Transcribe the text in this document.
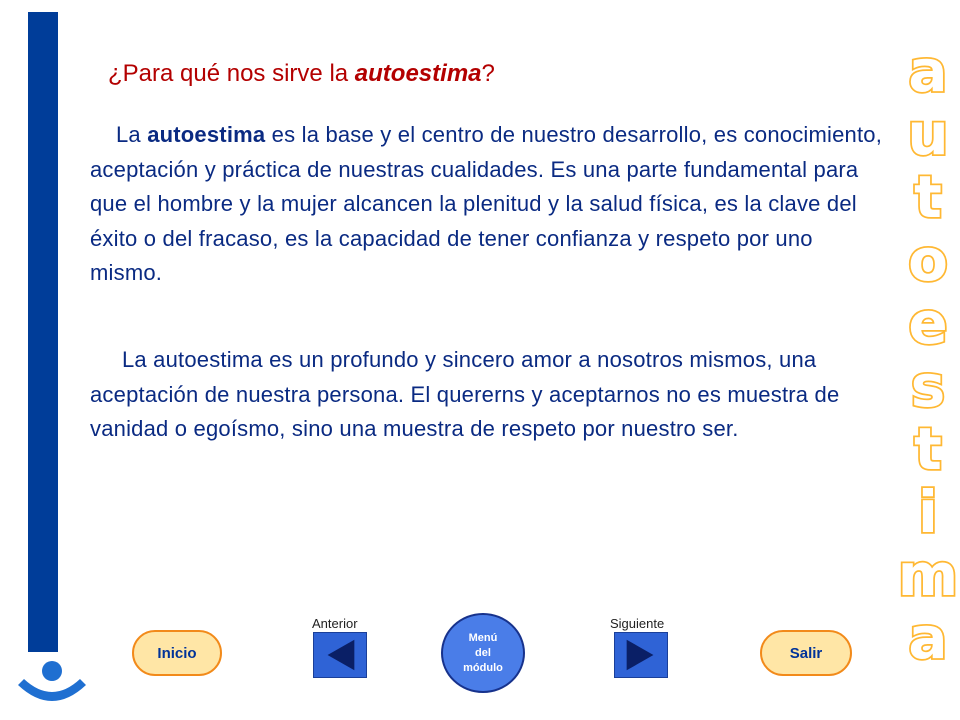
¿Para qué nos sirve la autoestima?
La autoestima es la base y el centro de nuestro desarrollo, es conocimiento, aceptación y práctica de nuestras cualidades. Es una parte fundamental para que el hombre y la mujer alcancen la plenitud y la salud física, es la clave del éxito o del fracaso, es la capacidad de tener confianza y respeto por uno mismo.
La autoestima es un profundo y sincero amor a nosotros mismos, una aceptación de nuestra persona. El quererns y aceptarnos no es muestra de vanidad o egoísmo, sino una muestra de respeto por nuestro ser.
a
u
t
o
e
s
t
i
m
a
Inicio
Anterior
Menú
del
módulo
Siguiente
Salir
